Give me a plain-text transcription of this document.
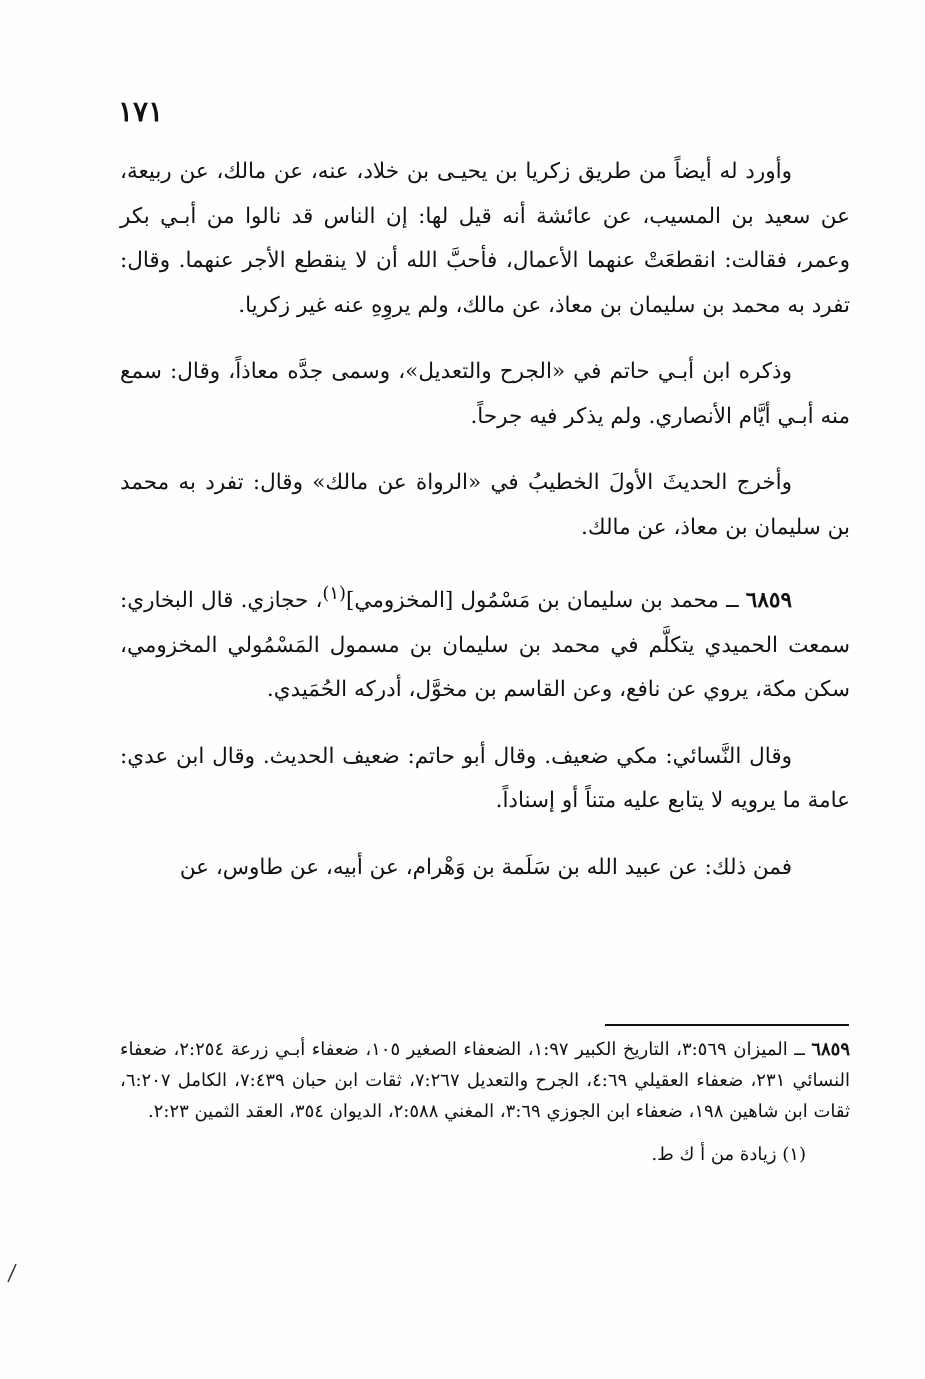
١٧١

وأورد له أيضاً من طريق زكريا بن يحيـى بن خلاد، عنه، عن مالك، عن ربيعة، عن سعيد بن المسيب، عن عائشة أنه قيل لها: إن الناس قد نالوا من أبـي بكر وعمر، فقالت: انقطعَتْ عنهما الأعمال، فأحبَّ الله أن لا ينقطع الأجر عنهما. وقال: تفرد به محمد بن سليمان بن معاذ، عن مالك، ولم يروِهِ عنه غير زكريا.

وذكره ابن أبـي حاتم في «الجرح والتعديل»، وسمى جدَّه معاذاً، وقال: سمع منه أبـي أيَّام الأنصاري. ولم يذكر فيه جرحاً.

وأخرج الحديثَ الأولَ الخطيبُ في «الرواة عن مالك» وقال: تفرد به محمد بن سليمان بن معاذ، عن مالك.

٦٨٥٩ ــ محمد بن سليمان بن مَسْمُول [المخزومي]$^{(١)}$، حجازي. قال البخاري: سمعت الحميدي يتكلَّم في محمد بن سليمان بن مسمول المَسْمُولي المخزومي، سكن مكة، يروي عن نافع، وعن القاسم بن مخوَّل، أدركه الحُمَيدي.

وقال النَّسائي: مكي ضعيف. وقال أبو حاتم: ضعيف الحديث. وقال ابن عدي: عامة ما يرويه لا يتابع عليه متناً أو إسناداً.

فمن ذلك: عن عبيد الله بن سَلَمة بن وَهْرام، عن أبيه، عن طاوس، عن

٦٨٥٩ ــ الميزان ٣:٥٦٩، التاريخ الكبير ١:٩٧، الضعفاء الصغير ١٠٥، ضعفاء أبـي زرعة ٢:٢٥٤، ضعفاء النسائي ٢٣١، ضعفاء العقيلي ٤:٦٩، الجرح والتعديل ٧:٢٦٧، ثقات ابن حبان ٧:٤٣٩، الكامل ٦:٢٠٧، ثقات ابن شاهين ١٩٨، ضعفاء ابن الجوزي ٣:٦٩، المغني ٢:٥٨٨، الديوان ٣٥٤، العقد الثمين ٢:٢٣.

(١) زيادة من أ ك ط.
